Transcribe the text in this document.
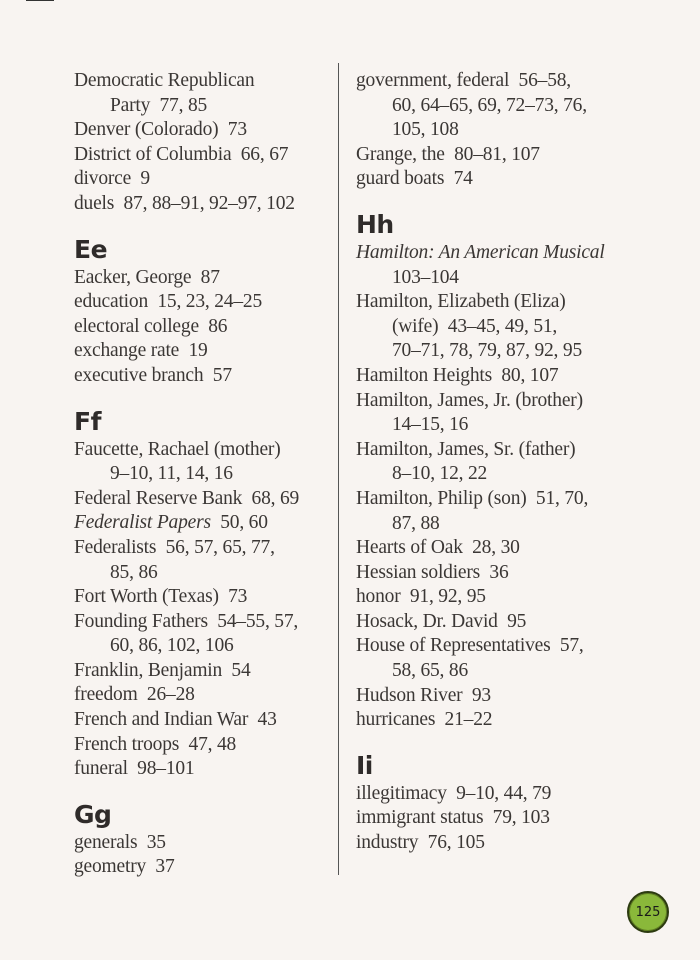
Democratic Republican
Party  77, 85
Denver (Colorado)  73
District of Columbia  66, 67
divorce  9
duels  87, 88–91, 92–97, 102
Ee
Eacker, George  87
education  15, 23, 24–25
electoral college  86
exchange rate  19
executive branch  57
Ff
Faucette, Rachael (mother)
9–10, 11, 14, 16
Federal Reserve Bank  68, 69
Federalist Papers  50, 60
Federalists  56, 57, 65, 77,
85, 86
Fort Worth (Texas)  73
Founding Fathers  54–55, 57,
60, 86, 102, 106
Franklin, Benjamin  54
freedom  26–28
French and Indian War  43
French troops  47, 48
funeral  98–101
Gg
generals  35
geometry  37
government, federal  56–58,
60, 64–65, 69, 72–73, 76,
105, 108
Grange, the  80–81, 107
guard boats  74
Hh
Hamilton: An American Musical
103–104
Hamilton, Elizabeth (Eliza)
(wife)  43–45, 49, 51,
70–71, 78, 79, 87, 92, 95
Hamilton Heights  80, 107
Hamilton, James, Jr. (brother)
14–15, 16
Hamilton, James, Sr. (father)
8–10, 12, 22
Hamilton, Philip (son)  51, 70,
87, 88
Hearts of Oak  28, 30
Hessian soldiers  36
honor  91, 92, 95
Hosack, Dr. David  95
House of Representatives  57,
58, 65, 86
Hudson River  93
hurricanes  21–22
Ii
illegitimacy  9–10, 44, 79
immigrant status  79, 103
industry  76, 105
125
